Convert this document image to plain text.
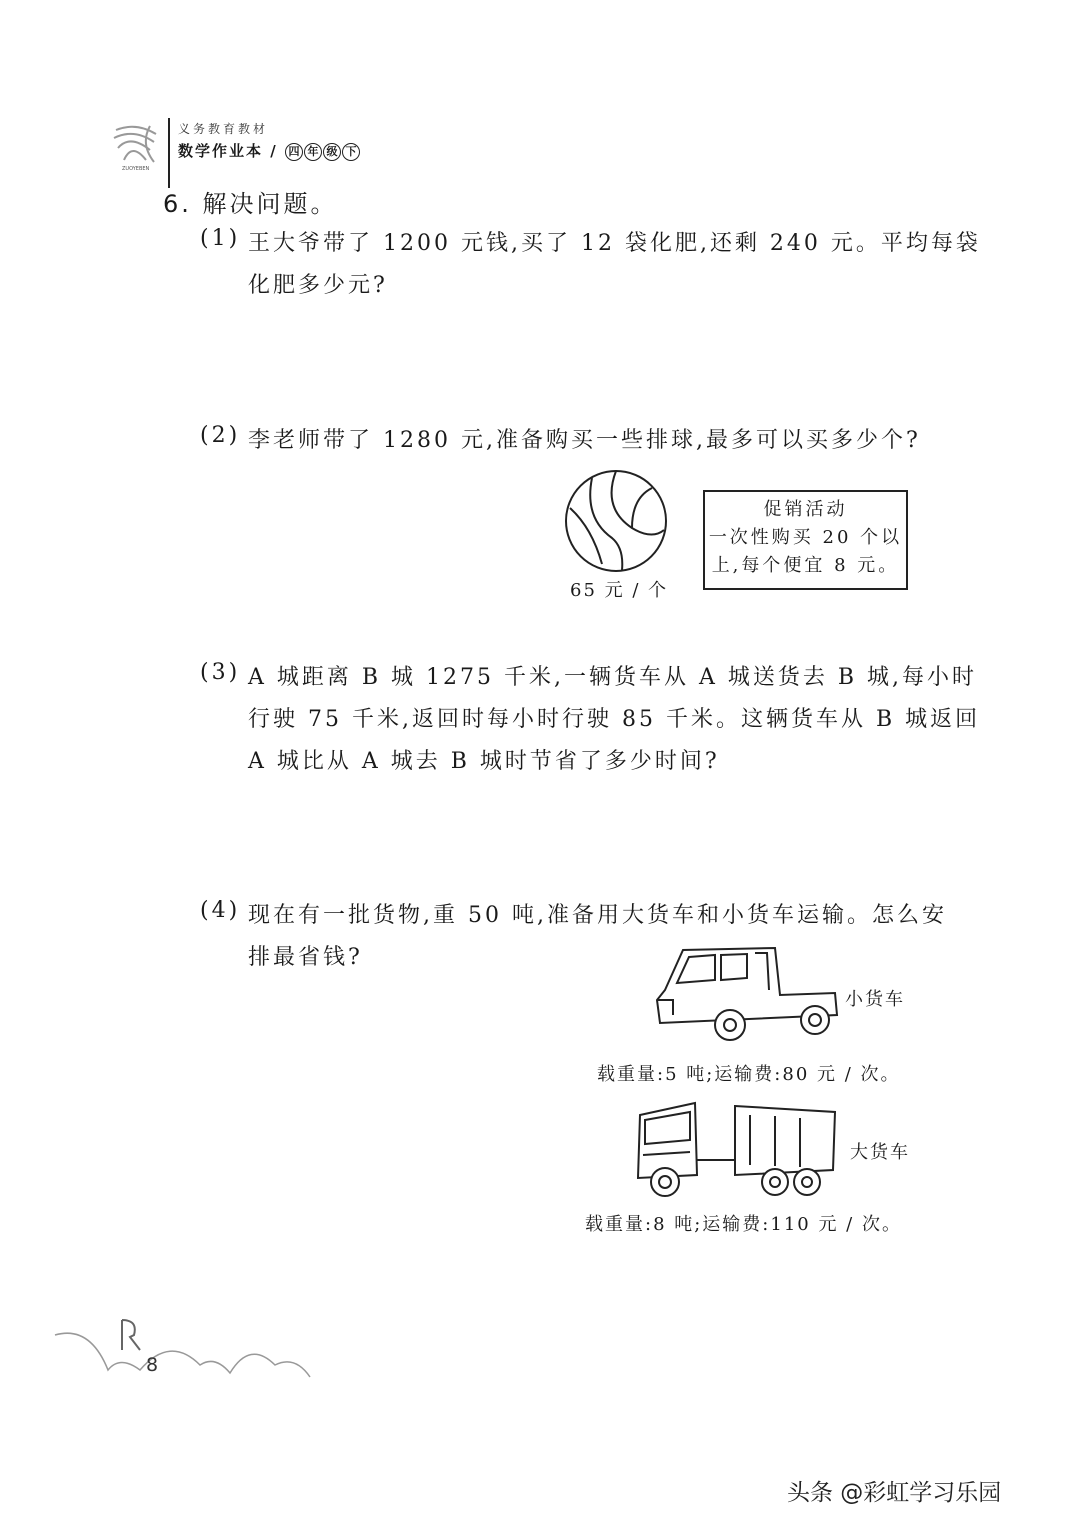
ZUOYEBEN
义务教育教材
数学作业本 / 四 年 级 下
6. 解决问题。
(1) 王大爷带了 1200 元钱,买了 12 袋化肥,还剩 240 元。平均每袋
化肥多少元?
(2) 李老师带了 1280 元,准备购买一些排球,最多可以买多少个?
65 元 / 个
促销活动
一次性购买 20 个以
上,每个便宜 8 元。
(3) A 城距离 B 城 1275 千米,一辆货车从 A 城送货去 B 城,每小时
行驶 75 千米,返回时每小时行驶 85 千米。这辆货车从 B 城返回
A 城比从 A 城去 B 城时节省了多少时间?
(4) 现在有一批货物,重 50 吨,准备用大货车和小货车运输。怎么安
排最省钱?
小货车
载重量:5 吨;运输费:80 元 / 次。
大货车
载重量:8 吨;运输费:110 元 / 次。
8
头条 @彩虹学习乐园
